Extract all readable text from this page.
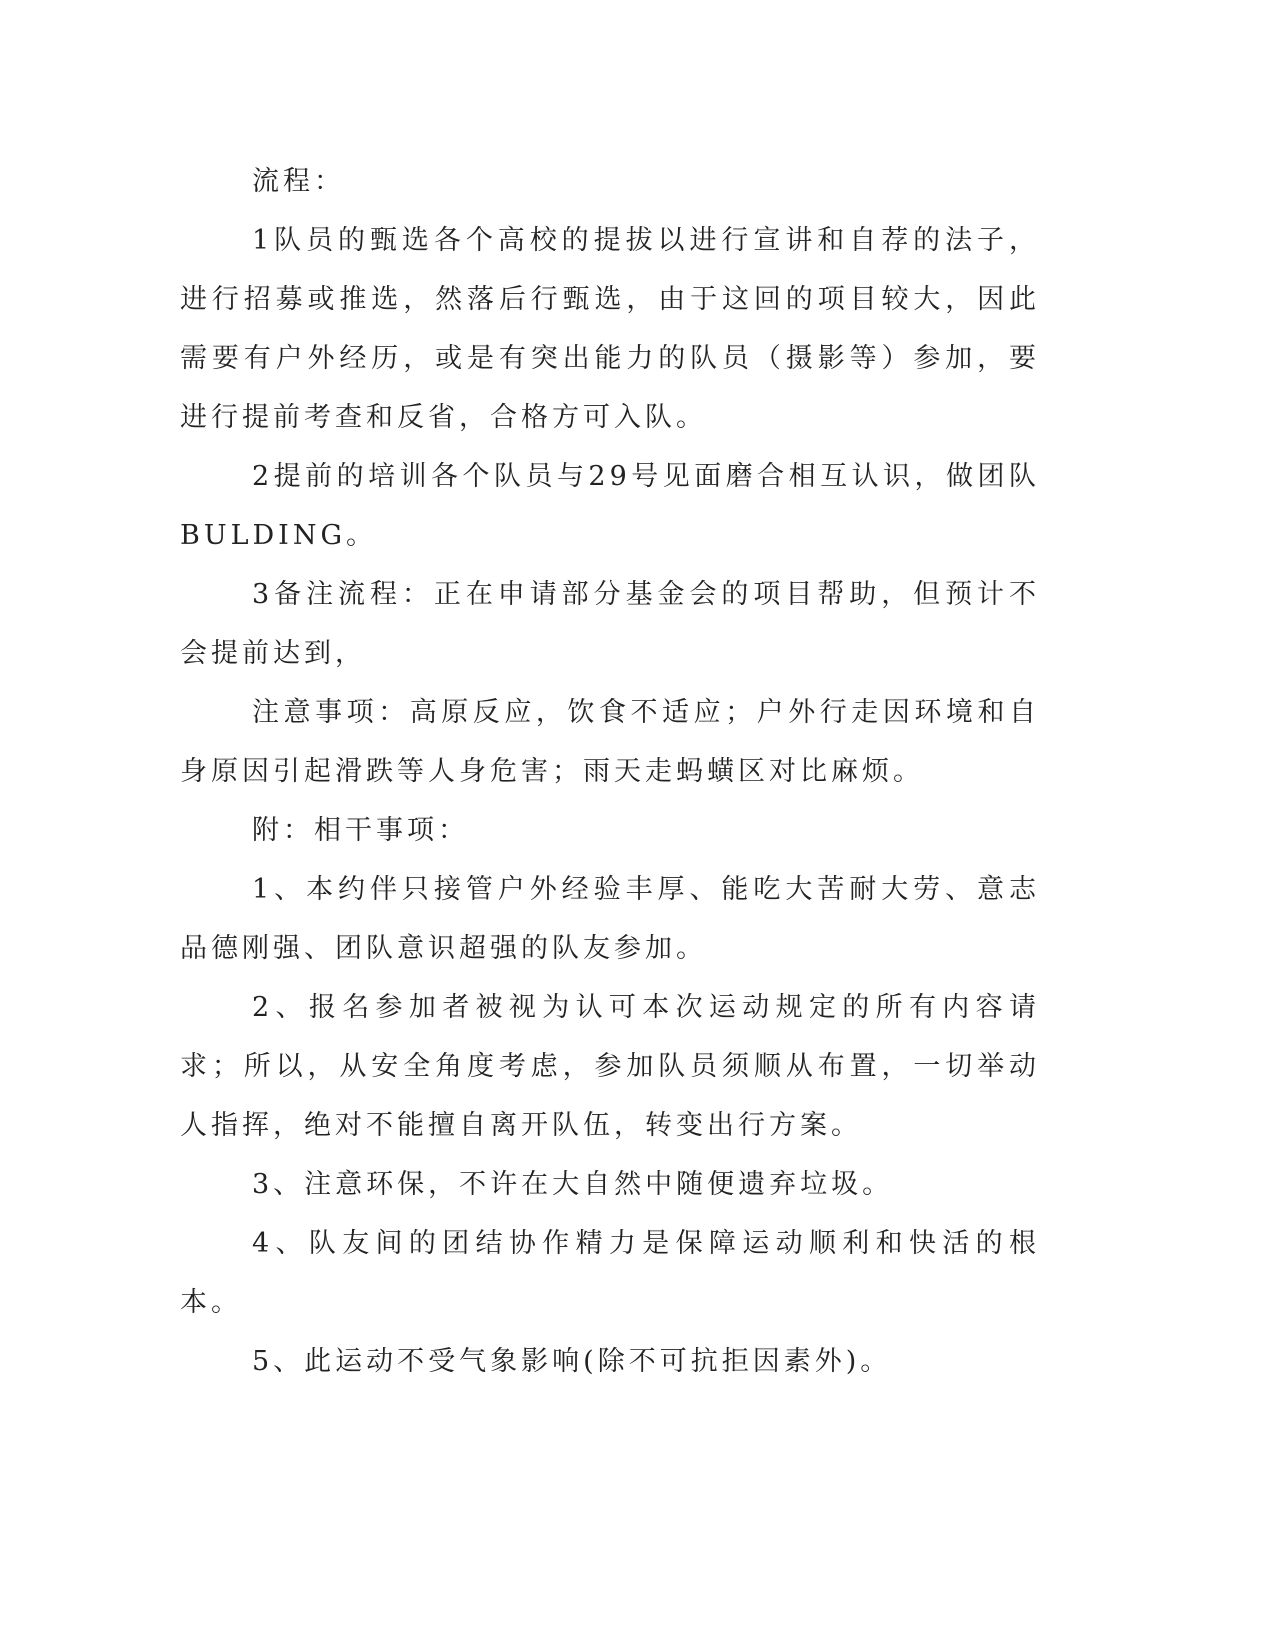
流程：

1队员的甄选各个高校的提拔以进行宣讲和自荐的法子，进行招募或推选，然落后行甄选，由于这回的项目较大，因此需要有户外经历，或是有突出能力的队员（摄影等）参加，要进行提前考查和反省，合格方可入队。

2提前的培训各个队员与29号见面磨合相互认识，做团队BULDING。

3备注流程：正在申请部分基金会的项目帮助，但预计不会提前达到，

注意事项：高原反应，饮食不适应；户外行走因环境和自身原因引起滑跌等人身危害；雨天走蚂蟥区对比麻烦。

附：相干事项：

1、本约伴只接管户外经验丰厚、能吃大苦耐大劳、意志品德刚强、团队意识超强的队友参加。

2、报名参加者被视为认可本次运动规定的所有内容请求；所以，从安全角度考虑，参加队员须顺从布置，一切举动人指挥，绝对不能擅自离开队伍，转变出行方案。

3、注意环保，不许在大自然中随便遗弃垃圾。

4、队友间的团结协作精力是保障运动顺利和快活的根本。

5、此运动不受气象影响(除不可抗拒因素外)。
